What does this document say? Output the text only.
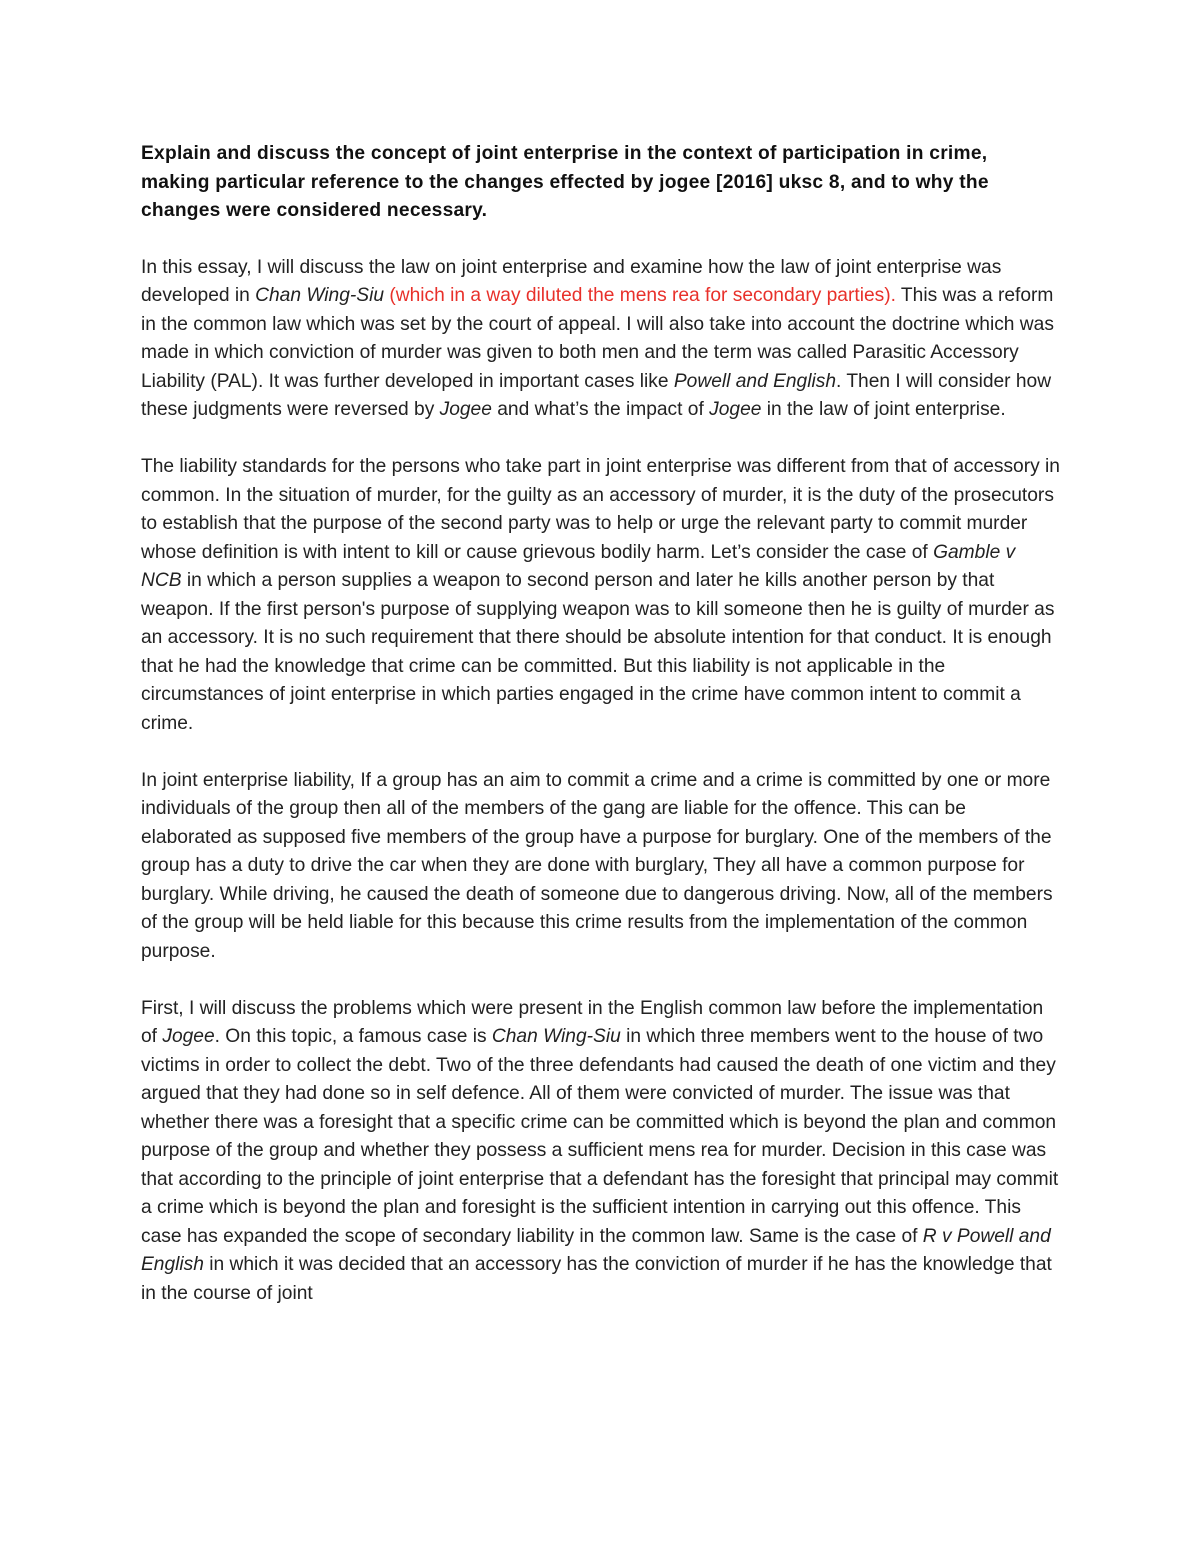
Explain and discuss the concept of joint enterprise in the context of participation in crime, making particular reference to the changes effected by jogee [2016] uksc 8, and to why the changes were considered necessary.
In this essay, I will discuss the law on joint enterprise and examine how the law of joint enterprise was developed in Chan Wing-Siu (which in a way diluted the mens rea for secondary parties). This was a reform in the common law which was set by the court of appeal. I will also take into account the doctrine which was made in which conviction of murder was given to both men and the term was called Parasitic Accessory Liability (PAL). It was further developed in important cases like Powell and English. Then I will consider how these judgments were reversed by Jogee and what’s the impact of Jogee in the law of joint enterprise.
The liability standards for the persons who take part in joint enterprise was different from that of accessory in common. In the situation of murder, for the guilty as an accessory of murder, it is the duty of the prosecutors to establish that the purpose of the second party was to help or urge the relevant party to commit murder whose definition is with intent to kill or cause grievous bodily harm. Let’s consider the case of Gamble v NCB in which a person supplies a weapon to second person and later he kills another person by that weapon. If the first person's purpose of supplying weapon was to kill someone then he is guilty of murder as an accessory. It is no such requirement that there should be absolute intention for that conduct. It is enough that he had the knowledge that crime can be committed. But this liability is not applicable in the circumstances of joint enterprise in which parties engaged in the crime have common intent to commit a crime.
In joint enterprise liability, If a group has an aim to commit a crime and a crime is committed by one or more individuals of the group then all of the members of the gang are liable for the offence. This can be elaborated as supposed five members of the group have a purpose for burglary. One of the members of the group has a duty to drive the car when they are done with burglary, They all have a common purpose for burglary. While driving, he caused the death of someone due to dangerous driving. Now, all of the members of the group will be held liable for this because this crime results from the implementation of the common purpose.
First, I will discuss the problems which were present in the English common law before the implementation of Jogee. On this topic, a famous case is Chan Wing-Siu in which three members went to the house of two victims in order to collect the debt. Two of the three defendants had caused the death of one victim and they argued that they had done so in self defence. All of them were convicted of murder. The issue was that whether there was a foresight that a specific crime can be committed which is beyond the plan and common purpose of the group and whether they possess a sufficient mens rea for murder. Decision in this case was that according to the principle of joint enterprise that a defendant has the foresight that principal may commit a crime which is beyond the plan and foresight is the sufficient intention in carrying out this offence. This case has expanded the scope of secondary liability in the common law. Same is the case of R v Powell and English in which it was decided that an accessory has the conviction of murder if he has the knowledge that in the course of joint
